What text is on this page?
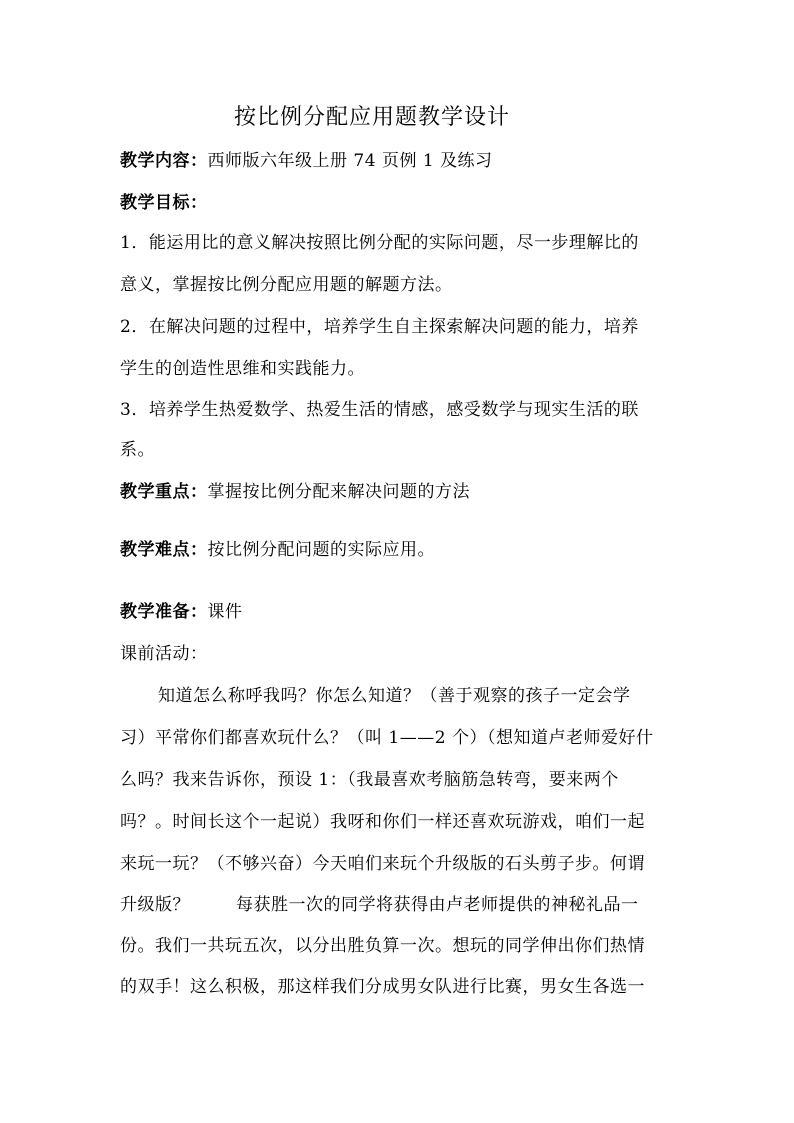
按比例分配应用题教学设计
教学内容：西师版六年级上册 74 页例 1 及练习
教学目标：
1．能运用比的意义解决按照比例分配的实际问题，尽一步理解比的
意义，掌握按比例分配应用题的解题方法。
2．在解决问题的过程中，培养学生自主探索解决问题的能力，培养
学生的创造性思维和实践能力。
3．培养学生热爱数学、热爱生活的情感，感受数学与现实生活的联
系。
教学重点：掌握按比例分配来解决问题的方法
教学难点：按比例分配问题的实际应用。
教学准备：课件
课前活动：
知道怎么称呼我吗？你怎么知道？（善于观察的孩子一定会学
习）平常你们都喜欢玩什么？（叫 1——2 个）（想知道卢老师爱好什
么吗？我来告诉你，预设 1：（我最喜欢考脑筋急转弯，要来两个
吗？。时间长这个一起说）我呀和你们一样还喜欢玩游戏，咱们一起
来玩一玩？（不够兴奋）今天咱们来玩个升级版的石头剪子步。何谓
升级版？	每获胜一次的同学将获得由卢老师提供的神秘礼品一
份。我们一共玩五次，以分出胜负算一次。想玩的同学伸出你们热情
的双手！这么积极，那这样我们分成男女队进行比赛，男女生各选一
